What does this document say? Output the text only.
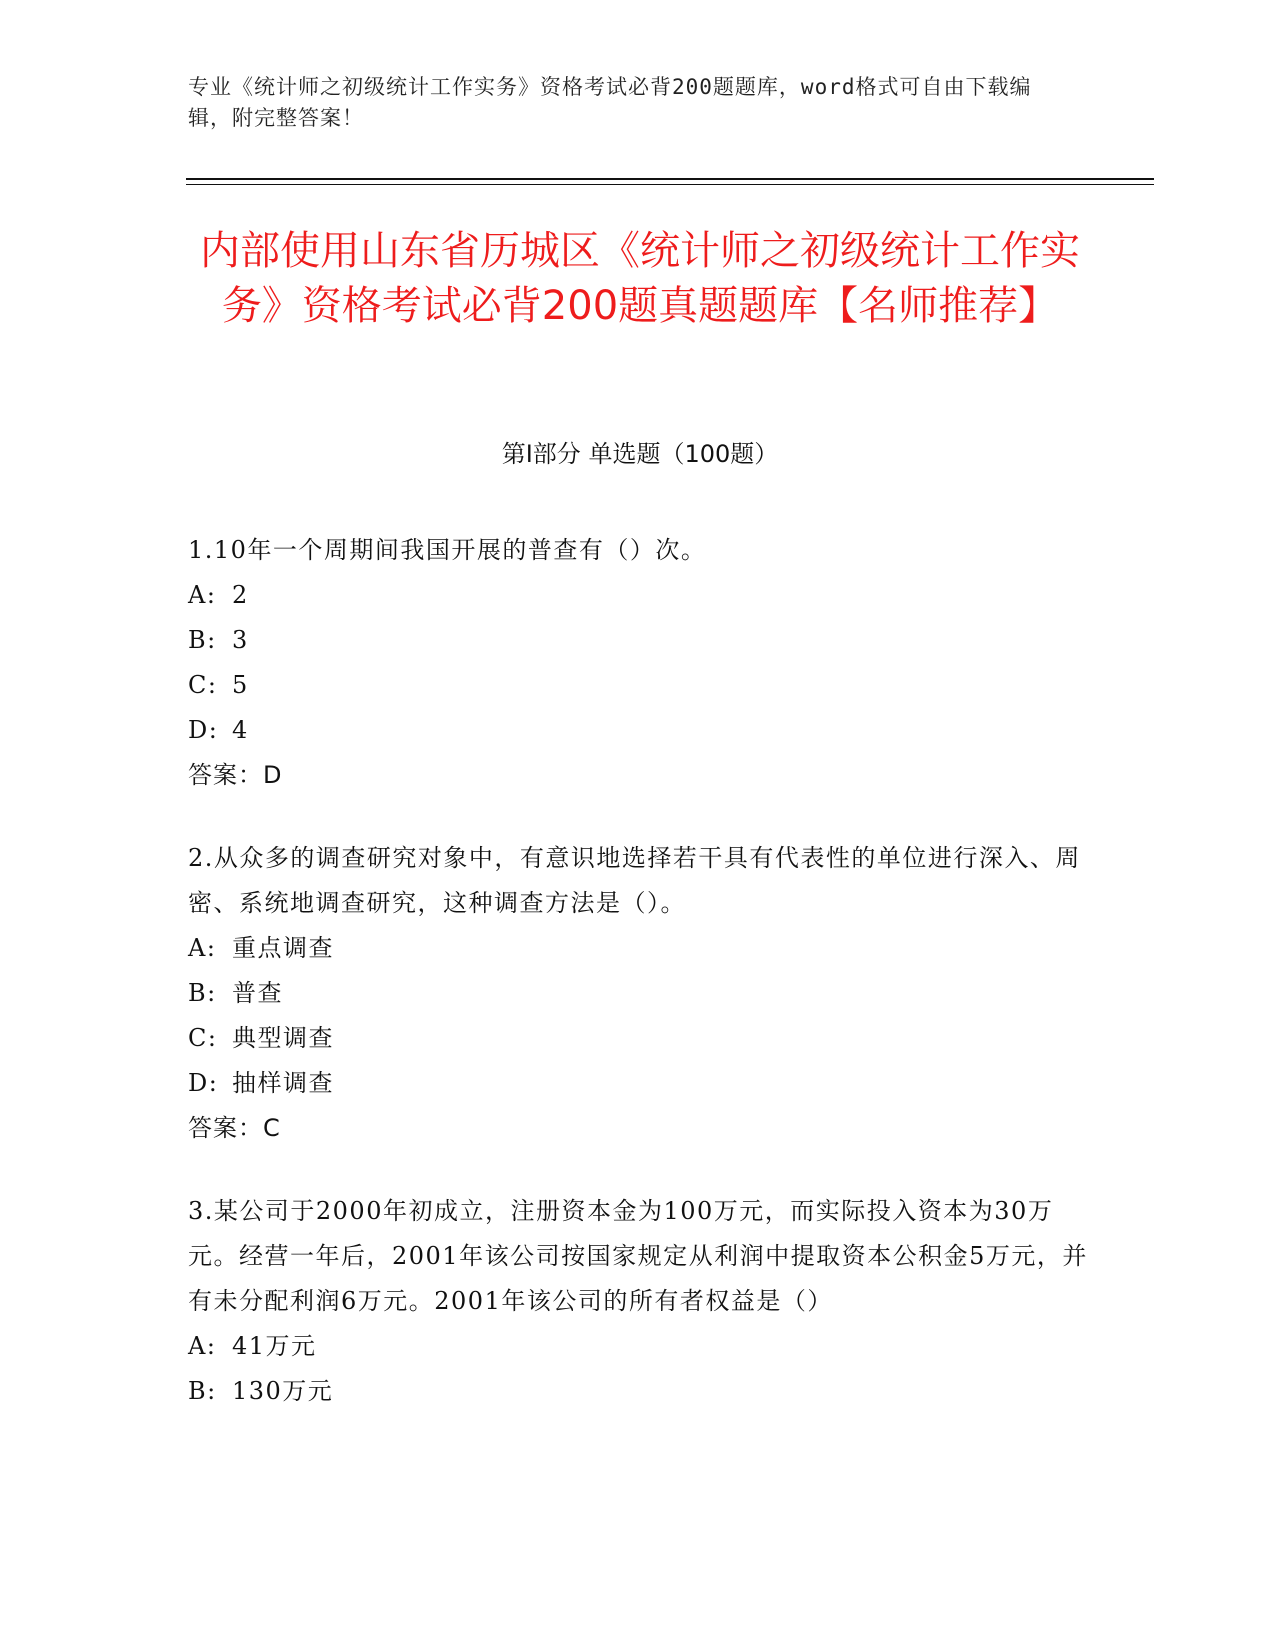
专业《统计师之初级统计工作实务》资格考试必背200题题库，word格式可自由下载编辑，附完整答案！
内部使用山东省历城区《统计师之初级统计工作实务》资格考试必背200题真题题库【名师推荐】
第Ⅰ部分 单选题（100题）

1.10年一个周期间我国开展的普查有（）次。

A: 2
B: 3
C: 5
D: 4
答案：D

2.从众多的调查研究对象中，有意识地选择若干具有代表性的单位进行深入、周密、系统地调查研究，这种调查方法是（）。

A: 重点调查
B: 普查
C: 典型调查
D: 抽样调查
答案：C

3.某公司于2000年初成立，注册资本金为100万元，而实际投入资本为30万元。经营一年后，2001年该公司按国家规定从利润中提取资本公积金5万元，并有未分配利润6万元。2001年该公司的所有者权益是（）

A: 41万元
B: 130万元
